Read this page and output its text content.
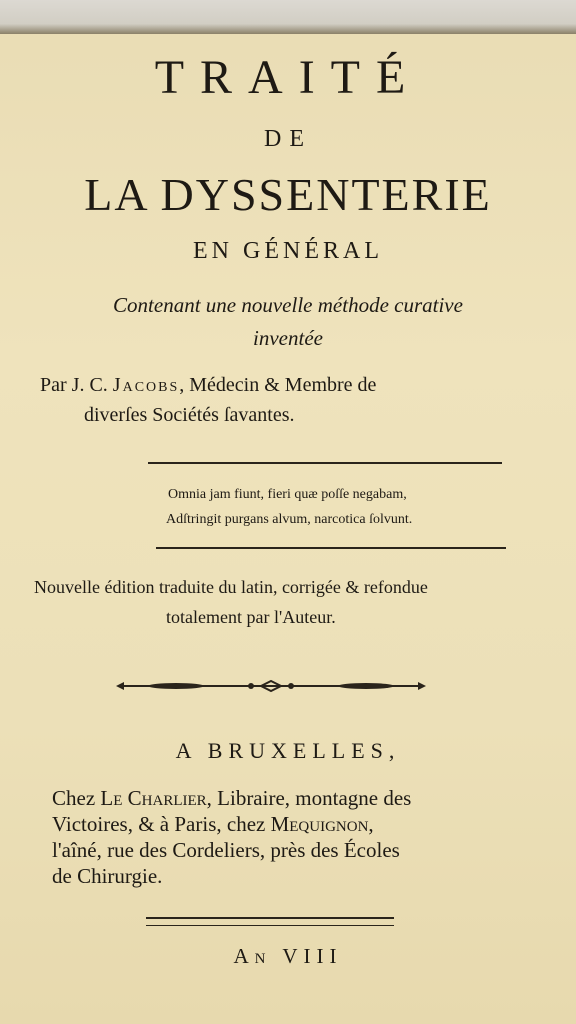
TRAITÉ
DE
LA DYSSENTERIE
EN GÉNÉRAL
Contenant une nouvelle méthode curative
inventée
Par J. C. Jacobs, Médecin & Membre de
diverſes Sociétés ſavantes.
Omnia jam fiunt, fieri quæ poſſe negabam,
Adſtringit purgans alvum, narcotica ſolvunt.
Nouvelle édition traduite du latin, corrigée & refondue
totalement par l'Auteur.
A BRUXELLES,
Chez Le Charlier, Libraire, montagne des
Victoires, & à Paris, chez Mequignon,
l'aîné, rue des Cordeliers, près des Écoles
de Chirurgie.
An VIII
